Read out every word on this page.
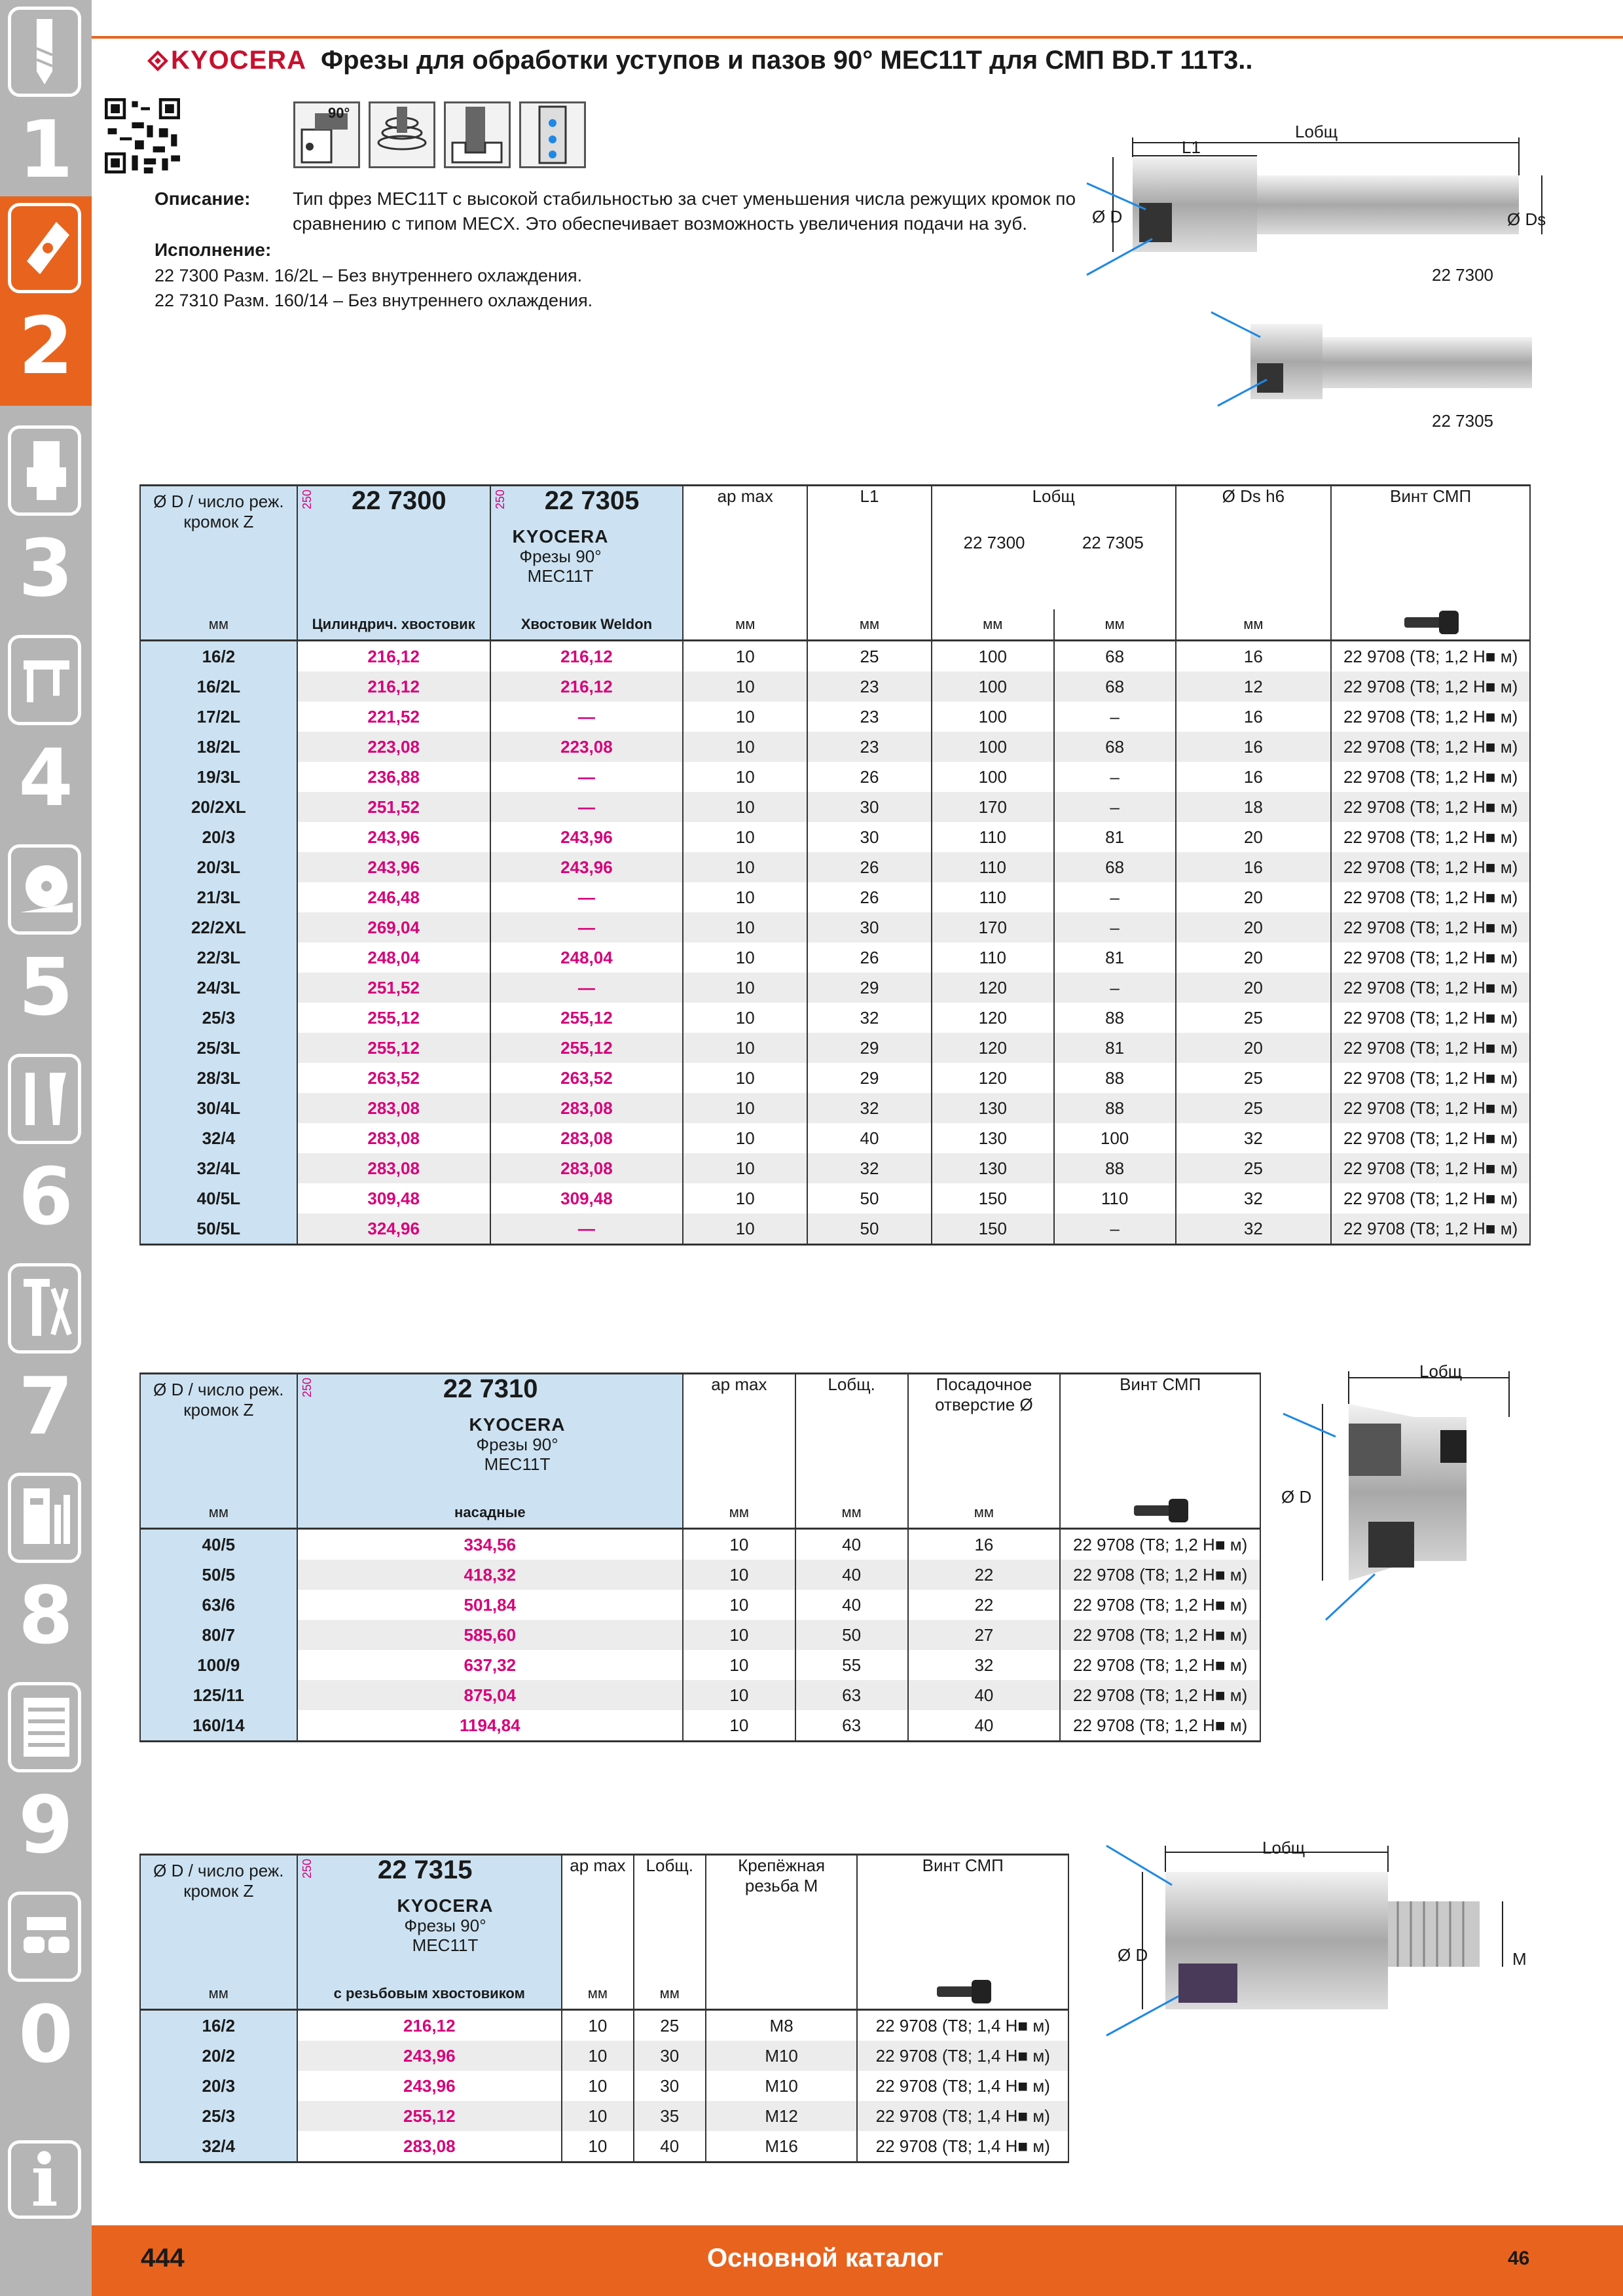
1
2
3
4
5
6
7
8
9
0
i
KYOCERA Фрезы для обработки уступов и пазов 90° MEC11T для СМП BD.T 11T3..
90°
Описание: Тип фрез MEC11T с высокой стабильностью за счет уменьшения числа режущих кромок по
сравнению с типом MECX. Это обеспечивает возможность увеличения подачи на зуб.
Исполнение:
22 7300 Разм. 16/2L – Без внутреннего охлаждения.
22 7310 Разм. 160/14 – Без внутреннего охлаждения.
Lобщ
L1
Ø D	Ø Ds
22 7300
22 7305
Ø D / число реж. кромок Z	250 22 7300	250 22 7305	ap max	L1	Lобщ
22 7300 22 7305		Ø Ds h6	Винт СМП
мм	Цилиндрич. хвостовик	Хвостовик Weldon	мм	мм	мм	мм	мм	
16/2	216,12	216,12	10	25	100	68	16	22 9708 (T8; 1,2 Н■ м)
16/2L	216,12	216,12	10	23	100	68	12	22 9708 (T8; 1,2 Н■ м)
17/2L	221,52	—	10	23	100	–	16	22 9708 (T8; 1,2 Н■ м)
18/2L	223,08	223,08	10	23	100	68	16	22 9708 (T8; 1,2 Н■ м)
19/3L	236,88	—	10	26	100	–	16	22 9708 (T8; 1,2 Н■ м)
20/2XL	251,52	—	10	30	170	–	18	22 9708 (T8; 1,2 Н■ м)
20/3	243,96	243,96	10	30	110	81	20	22 9708 (T8; 1,2 Н■ м)
20/3L	243,96	243,96	10	26	110	68	16	22 9708 (T8; 1,2 Н■ м)
21/3L	246,48	—	10	26	110	–	20	22 9708 (T8; 1,2 Н■ м)
22/2XL	269,04	—	10	30	170	–	20	22 9708 (T8; 1,2 Н■ м)
22/3L	248,04	248,04	10	26	110	81	20	22 9708 (T8; 1,2 Н■ м)
24/3L	251,52	—	10	29	120	–	20	22 9708 (T8; 1,2 Н■ м)
25/3	255,12	255,12	10	32	120	88	25	22 9708 (T8; 1,2 Н■ м)
25/3L	255,12	255,12	10	29	120	81	20	22 9708 (T8; 1,2 Н■ м)
28/3L	263,52	263,52	10	29	120	88	25	22 9708 (T8; 1,2 Н■ м)
30/4L	283,08	283,08	10	32	130	88	25	22 9708 (T8; 1,2 Н■ м)
32/4	283,08	283,08	10	40	130	100	32	22 9708 (T8; 1,2 Н■ м)
32/4L	283,08	283,08	10	32	130	88	25	22 9708 (T8; 1,2 Н■ м)
40/5L	309,48	309,48	10	50	150	110	32	22 9708 (T8; 1,2 Н■ м)
50/5L	324,96	—	10	50	150	–	32	22 9708 (T8; 1,2 Н■ м)
KYOCERA
Фрезы 90°
MEC11T
Lобщ
Ø D
Ø D / число реж. кромок Z	250 22 7310	ap max	Lобщ.	Посадочное отверстие Ø	Винт СМП
мм	насадные	мм	мм	мм	
40/5	334,56	10	40	16	22 9708 (T8; 1,2 Н■ м)
50/5	418,32	10	40	22	22 9708 (T8; 1,2 Н■ м)
63/6	501,84	10	40	22	22 9708 (T8; 1,2 Н■ м)
80/7	585,60	10	50	27	22 9708 (T8; 1,2 Н■ м)
100/9	637,32	10	55	32	22 9708 (T8; 1,2 Н■ м)
125/11	875,04	10	63	40	22 9708 (T8; 1,2 Н■ м)
160/14	1194,84	10	63	40	22 9708 (T8; 1,2 Н■ м)
KYOCERA
Фрезы 90°
MEC11T
Lобщ
Ø D	M
Ø D / число реж. кромок Z	250 22 7315	ap max	Lобщ.	Крепёжная резьба M	Винт СМП
мм	с резьбовым хвостовиком	мм	мм		
16/2	216,12	10	25	M8	22 9708 (T8; 1,4 Н■ м)
20/2	243,96	10	30	M10	22 9708 (T8; 1,4 Н■ м)
20/3	243,96	10	30	M10	22 9708 (T8; 1,4 Н■ м)
25/3	255,12	10	35	M12	22 9708 (T8; 1,4 Н■ м)
32/4	283,08	10	40	M16	22 9708 (T8; 1,4 Н■ м)
KYOCERA
Фрезы 90°
MEC11T
444	Основной каталог	46
